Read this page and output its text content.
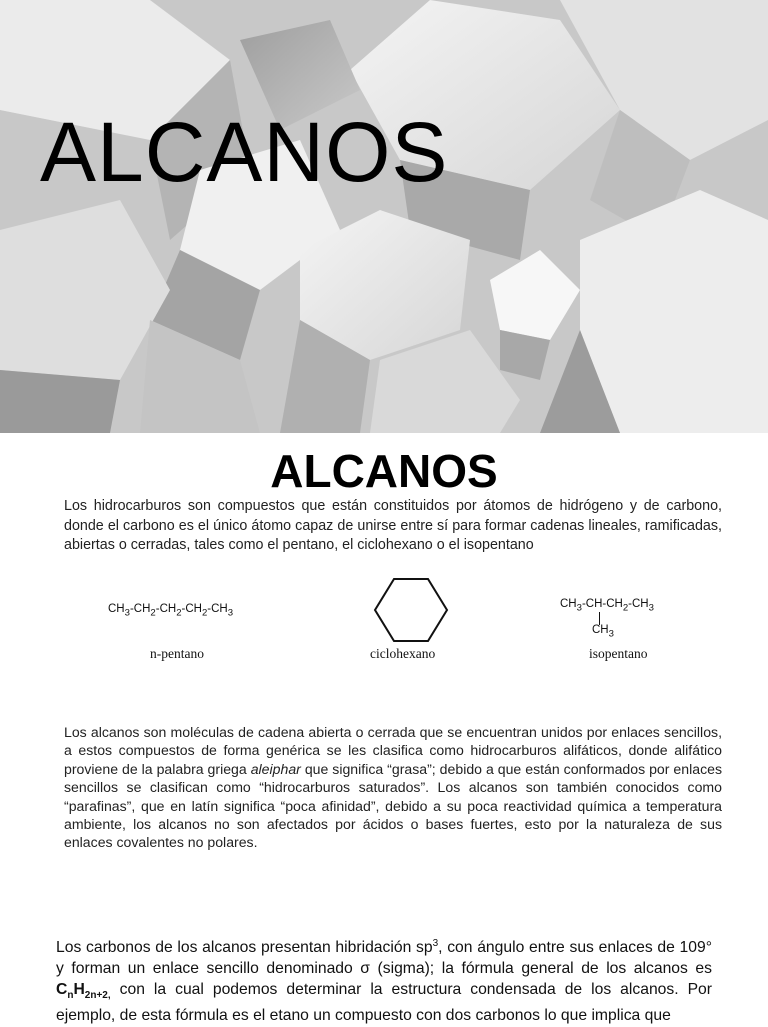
ALCANOS
ALCANOS

Los hidrocarburos son compuestos que están constituidos por átomos de hidrógeno y de carbono, donde el carbono es el único átomo capaz de unirse entre sí para formar cadenas lineales, ramificadas, abiertas o cerradas, tales como el pentano, el ciclohexano o el isopentano

$CH_3-CH_2-CH_2-CH_2-CH_3$
n-pentano	ciclohexano
$CH_3-CH-CH_2-CH_3$
$CH_3$
isopentano

Los alcanos son moléculas de cadena abierta o cerrada que se encuentran unidos por enlaces sencillos, a estos compuestos de forma genérica se les clasifica como hidrocarburos alifáticos, donde alifático proviene de la palabra griega aleiphar que significa “grasa”; debido a que están conformados por enlaces sencillos se clasifican como “hidrocarburos saturados”. Los alcanos son también conocidos como “parafinas”, que en latín significa “poca afinidad”, debido a su poca reactividad química a temperatura ambiente, los alcanos no son afectados por ácidos o bases fuertes, esto por la naturaleza de sus enlaces covalentes no polares.

Los carbonos de los alcanos presentan hibridación $sp^3$, con ángulo entre sus enlaces de 109° y forman un enlace sencillo denominado σ (sigma); la fórmula general de los alcanos es $C_nH_{2n+2,}$ con la cual podemos determinar la estructura condensada de los alcanos. Por ejemplo, de esta fórmula es el etano un compuesto con dos carbonos lo que implica que
